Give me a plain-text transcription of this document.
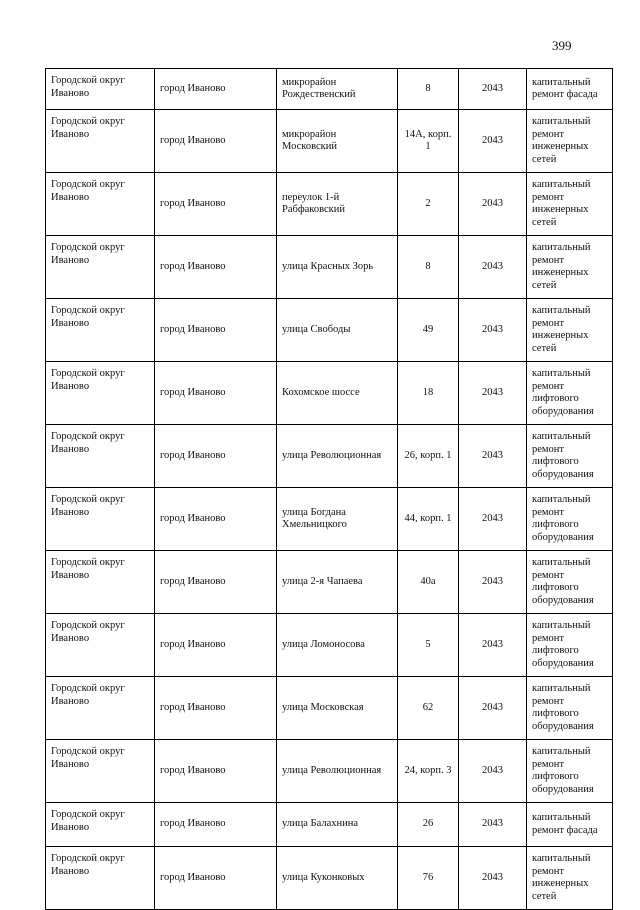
399
Городской округ Иваново	город Иваново	микрорайон Рождественский	8	2043	капитальный ремонт фасада
Городской округ Иваново	город Иваново	микрорайон Московский	14А, корп. 1	2043	капитальный ремонт инженерных сетей
Городской округ Иваново	город Иваново	переулок 1-й Рабфаковский	2	2043	капитальный ремонт инженерных сетей
Городской округ Иваново	город Иваново	улица Красных Зорь	8	2043	капитальный ремонт инженерных сетей
Городской округ Иваново	город Иваново	улица Свободы	49	2043	капитальный ремонт инженерных сетей
Городской округ Иваново	город Иваново	Кохомское шоссе	18	2043	капитальный ремонт лифтового оборудования
Городской округ Иваново	город Иваново	улица Революционная	26, корп. 1	2043	капитальный ремонт лифтового оборудования
Городской округ Иваново	город Иваново	улица Богдана Хмельницкого	44, корп. 1	2043	капитальный ремонт лифтового оборудования
Городской округ Иваново	город Иваново	улица 2-я Чапаева	40а	2043	капитальный ремонт лифтового оборудования
Городской округ Иваново	город Иваново	улица Ломоносова	5	2043	капитальный ремонт лифтового оборудования
Городской округ Иваново	город Иваново	улица Московская	62	2043	капитальный ремонт лифтового оборудования
Городской округ Иваново	город Иваново	улица Революционная	24, корп. 3	2043	капитальный ремонт лифтового оборудования
Городской округ Иваново	город Иваново	улица Балахнина	26	2043	капитальный ремонт фасада
Городской округ Иваново	город Иваново	улица Куконковых	76	2043	капитальный ремонт инженерных сетей
